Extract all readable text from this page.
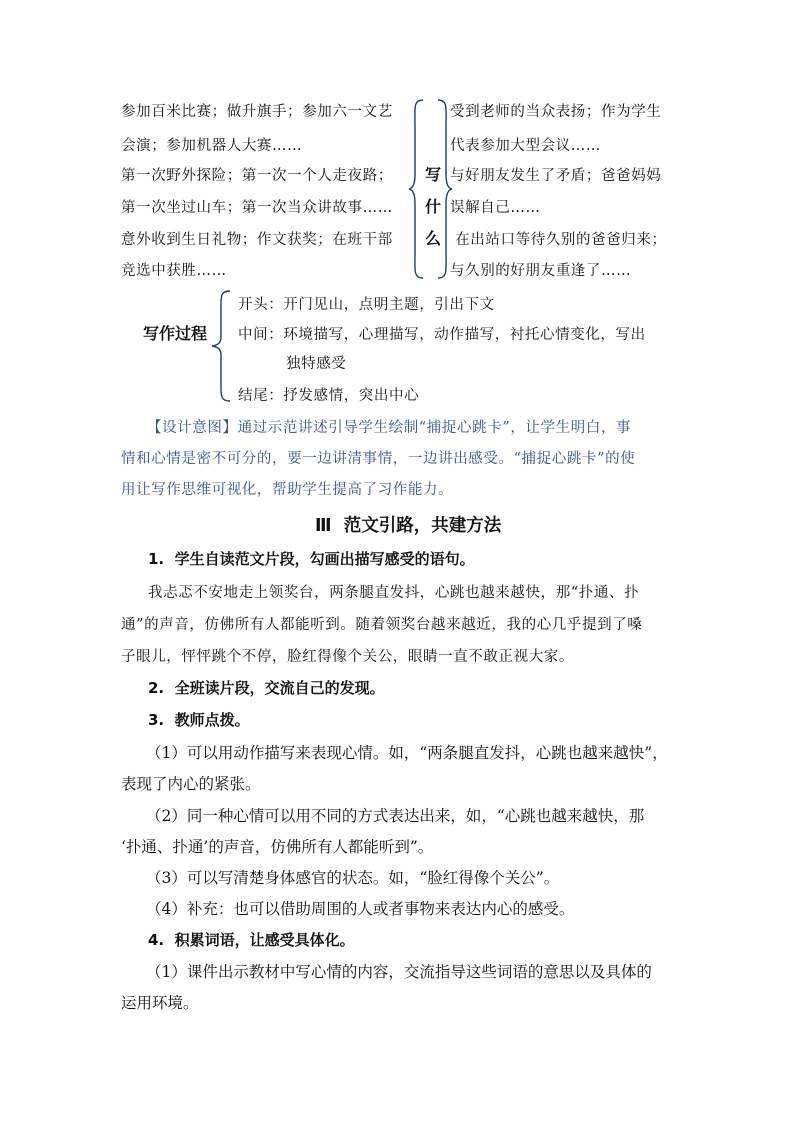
参加百米比赛；做升旗手；参加六一文艺
会演；参加机器人大赛……
第一次野外探险；第一次一个人走夜路；
第一次坐过山车；第一次当众讲故事……
意外收到生日礼物；作文获奖；在班干部
竞选中获胜……
写
什
么
受到老师的当众表扬；作为学生
代表参加大型会议……
与好朋友发生了矛盾；爸爸妈妈
误解自己……
在出站口等待久别的爸爸归来；
与久别的好朋友重逢了……
写作过程
开头：开门见山，点明主题，引出下文
中间：环境描写，心理描写，动作描写，衬托心情变化，写出
独特感受
结尾：抒发感情，突出中心
【设计意图】通过示范讲述引导学生绘制“捕捉心跳卡”，让学生明白，事
情和心情是密不可分的，要一边讲清事情，一边讲出感受。“捕捉心跳卡”的使
用让写作思维可视化，帮助学生提高了习作能力。
Ⅲ  范文引路，共建方法
1.  学生自读范文片段，勾画出描写感受的语句。
我忐忑不安地走上领奖台，两条腿直发抖，心跳也越来越快，那“扑通、扑
通”的声音，仿佛所有人都能听到。随着领奖台越来越近，我的心几乎提到了嗓
子眼儿，怦怦跳个不停，脸红得像个关公，眼睛一直不敢正视大家。
2.  全班读片段，交流自己的发现。
3.  教师点拨。
（1）可以用动作描写来表现心情。如，“两条腿直发抖，心跳也越来越快”，
表现了内心的紧张。
（2）同一种心情可以用不同的方式表达出来，如，“心跳也越来越快，那
‘扑通、扑通’的声音，仿佛所有人都能听到”。
（3）可以写清楚身体感官的状态。如，“脸红得像个关公”。
（4）补充：也可以借助周围的人或者事物来表达内心的感受。
4.  积累词语，让感受具体化。
（1）课件出示教材中写心情的内容，交流指导这些词语的意思以及具体的
运用环境。
